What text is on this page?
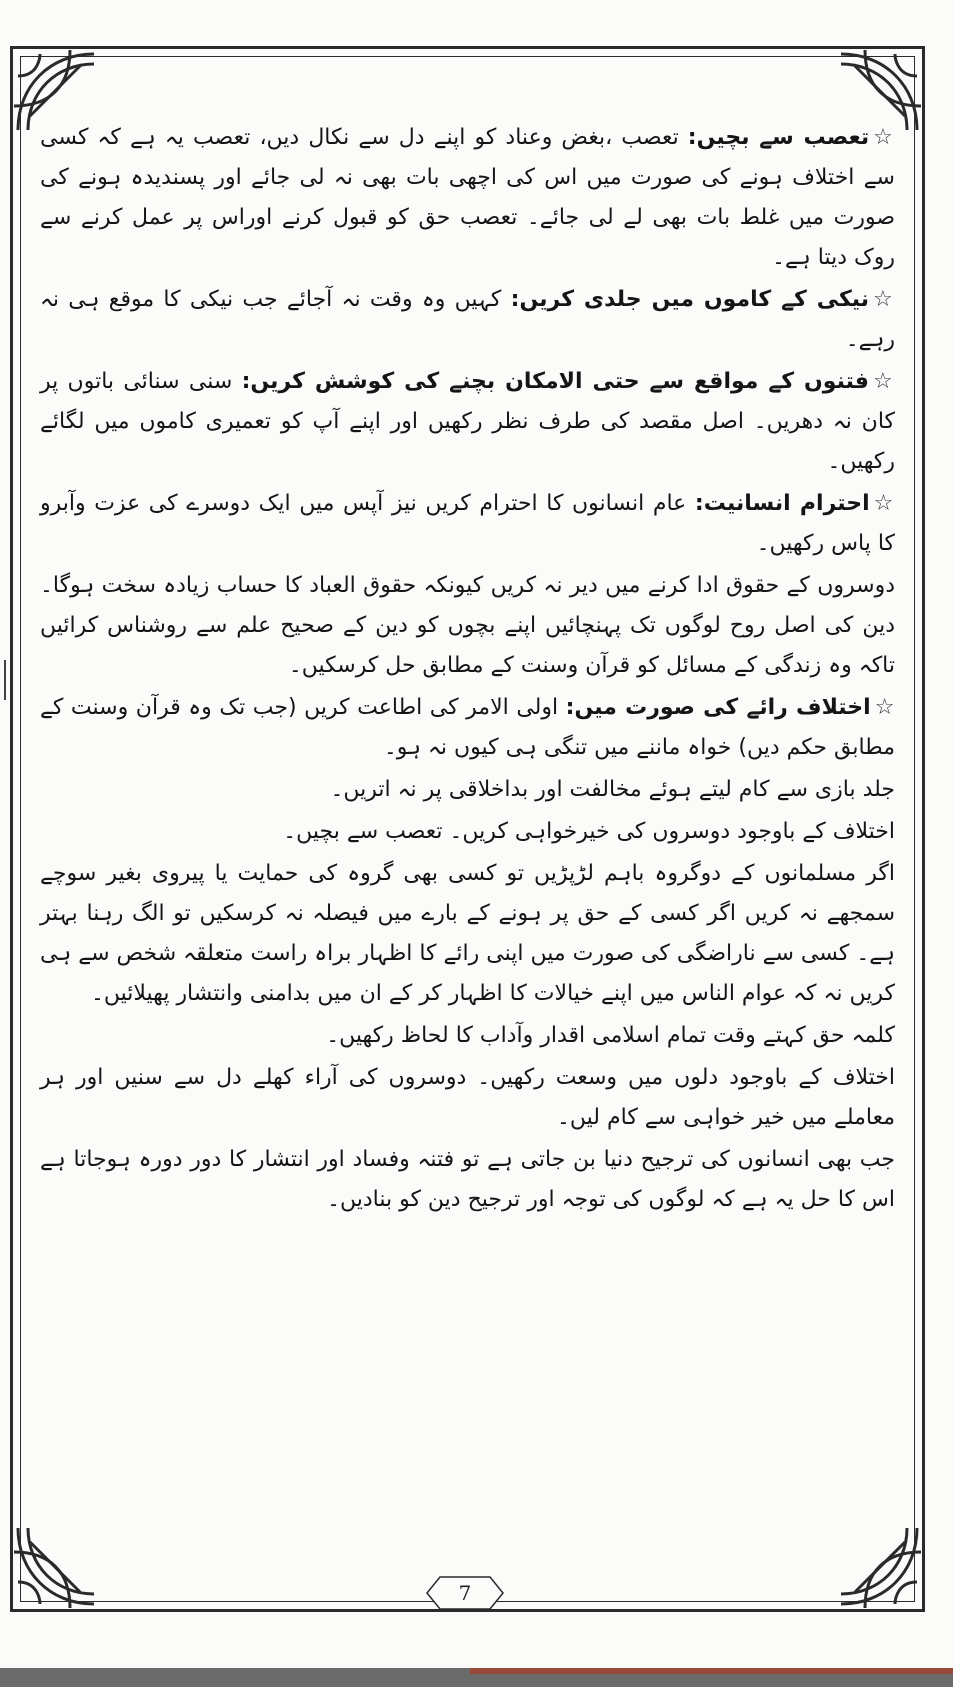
☆تعصب سے بچیں: تعصب ،بغض وعناد کو اپنے دل سے نکال دیں، تعصب یہ ہے کہ کسی سے اختلاف ہونے کی صورت میں اس کی اچھی بات بھی نہ لی جائے اور پسندیدہ ہونے کی صورت میں غلط بات بھی لے لی جائے۔ تعصب حق کو قبول کرنے اوراس پر عمل کرنے سے روک دیتا ہے۔

☆نیکی کے کاموں میں جلدی کریں: کہیں وہ وقت نہ آجائے جب نیکی کا موقع ہی نہ رہے۔

☆فتنوں کے مواقع سے حتی الامکان بچنے کی کوشش کریں: سنی سنائی باتوں پر کان نہ دھریں۔ اصل مقصد کی طرف نظر رکھیں اور اپنے آپ کو تعمیری کاموں میں لگائے رکھیں۔

☆احترام انسانیت: عام انسانوں کا احترام کریں نیز آپس میں ایک دوسرے کی عزت وآبرو کا پاس رکھیں۔

دوسروں کے حقوق ادا کرنے میں دیر نہ کریں کیونکہ حقوق العباد کا حساب زیادہ سخت ہوگا۔ دین کی اصل روح لوگوں تک پہنچائیں اپنے بچوں کو دین کے صحیح علم سے روشناس کرائیں تاکہ وہ زندگی کے مسائل کو قرآن وسنت کے مطابق حل کرسکیں۔

☆اختلاف رائے کی صورت میں: اولی الامر کی اطاعت کریں (جب تک وہ قرآن وسنت کے مطابق حکم دیں) خواہ ماننے میں تنگی ہی کیوں نہ ہو۔

جلد بازی سے کام لیتے ہوئے مخالفت اور بداخلاقی پر نہ اتریں۔

اختلاف کے باوجود دوسروں کی خیرخواہی کریں۔ تعصب سے بچیں۔

اگر مسلمانوں کے دوگروہ باہم لڑپڑیں تو کسی بھی گروہ کی حمایت یا پیروی بغیر سوچے سمجھے نہ کریں اگر کسی کے حق پر ہونے کے بارے میں فیصلہ نہ کرسکیں تو الگ رہنا بہتر ہے۔ کسی سے ناراضگی کی صورت میں اپنی رائے کا اظہار براہ راست متعلقہ شخص سے ہی کریں نہ کہ عوام الناس میں اپنے خیالات کا اظہار کر کے ان میں بدامنی وانتشار پھیلائیں۔

کلمہ حق کہتے وقت تمام اسلامی اقدار وآداب کا لحاظ رکھیں۔

اختلاف کے باوجود دلوں میں وسعت رکھیں۔ دوسروں کی آراء کھلے دل سے سنیں اور ہر معاملے میں خیر خواہی سے کام لیں۔

جب بھی انسانوں کی ترجیح دنیا بن جاتی ہے تو فتنہ وفساد اور انتشار کا دور دورہ ہوجاتا ہے اس کا حل یہ ہے کہ لوگوں کی توجہ اور ترجیح دین کو بنادیں۔

7
